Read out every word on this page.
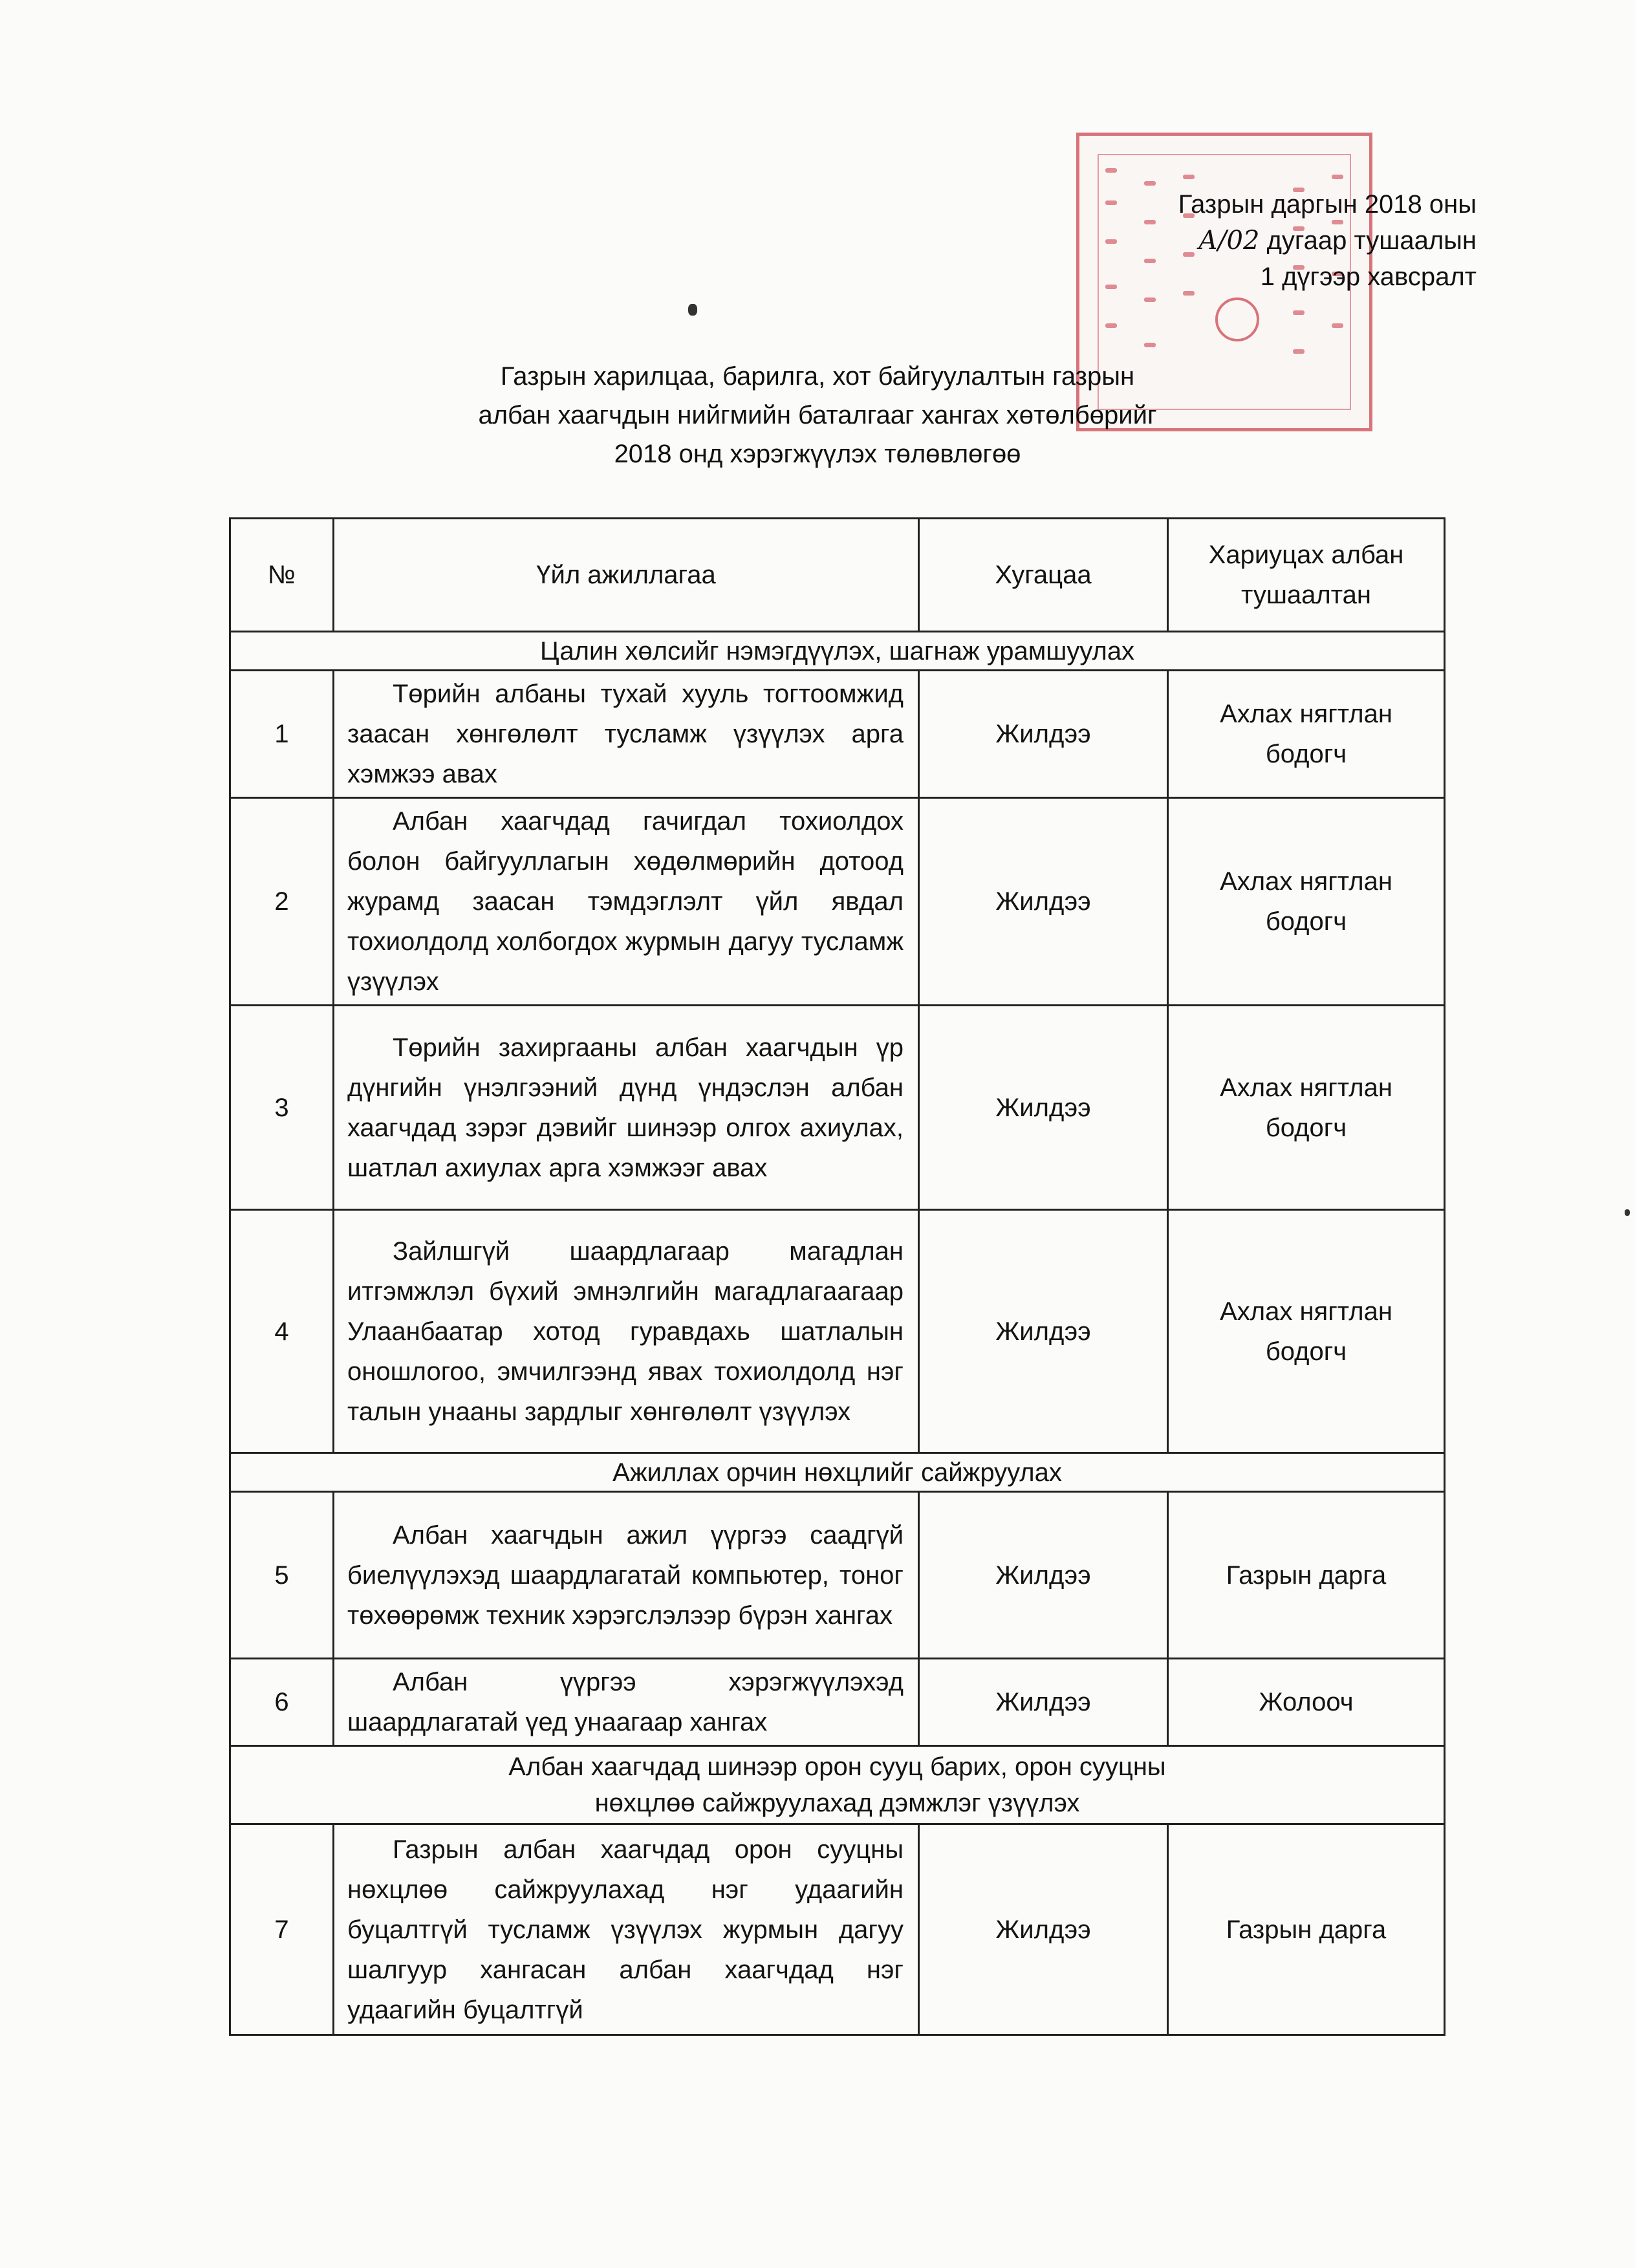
Газрын даргын 2018 оны
А/02 дугаар тушаалын
1 дүгээр хавсралт
Газрын харилцаа, барилга, хот байгуулалтын газрын
албан хаагчдын нийгмийн баталгааг хангах хөтөлбөрийг
2018 онд хэрэгжүүлэх төлөвлөгөө
№	Үйл ажиллагаа	Хугацаа	Хариуцах албан тушаалтан
Цалин хөлсийг нэмэгдүүлэх, шагнаж урамшуулах			
1	Төрийн албаны тухай хууль тогтоомжид заасан хөнгөлөлт тусламж үзүүлэх арга хэмжээ авах	Жилдээ	Ахлах нягтлан бодогч
2	Албан хаагчдад гачигдал тохиолдох болон байгууллагын хөдөлмөрийн дотоод журамд заасан тэмдэглэлт үйл явдал тохиолдолд холбогдох журмын дагуу тусламж үзүүлэх	Жилдээ	Ахлах нягтлан бодогч
3	Төрийн захиргааны албан хаагчдын үр дүнгийн үнэлгээний дүнд үндэслэн албан хаагчдад зэрэг дэвийг шинээр олгох ахиулах, шатлал ахиулах арга хэмжээг авах	Жилдээ	Ахлах нягтлан бодогч
4	Зайлшгүй шаардлагаар магадлан итгэмжлэл бүхий эмнэлгийн магадлагаагаар Улаанбаатар хотод гуравдахь шатлалын оношлогоо, эмчилгээнд явах тохиолдолд нэг талын унааны зардлыг хөнгөлөлт үзүүлэх	Жилдээ	Ахлах нягтлан бодогч
Ажиллах орчин нөхцлийг сайжруулах			
5	Албан хаагчдын ажил үүргээ саадгүй биелүүлэхэд шаардлагатай компьютер, тоног төхөөрөмж техник хэрэгслэлээр бүрэн хангах	Жилдээ	Газрын дарга
6	Албан үүргээ хэрэгжүүлэхэд шаардлагатай үед унаагаар хангах	Жилдээ	Жолооч

Албан хаагчдад шинээр орон сууц барих, орон сууцны
нөхцлөө сайжруулахад дэмжлэг үзүүлэх			

7	Газрын албан хаагчдад орон сууцны нөхцлөө сайжруулахад нэг удаагийн буцалтгүй тусламж үзүүлэх журмын дагуу шалгуур хангасан албан хаагчдад нэг удаагийн буцалтгүй	Жилдээ	Газрын дарга
